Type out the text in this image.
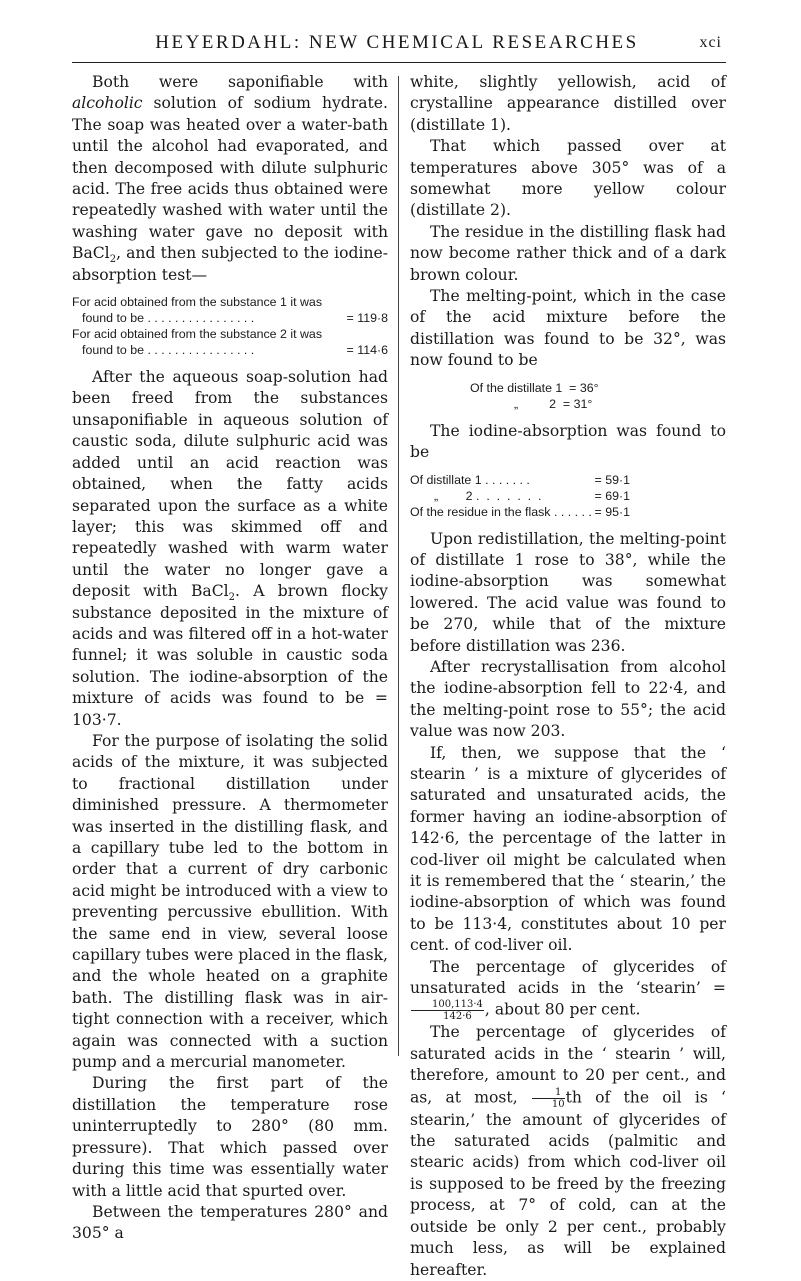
HEYERDAHL: NEW CHEMICAL RESEARCHES	xci

Both were saponifiable with alcoholic solution of sodium hydrate. The soap was heated over a water-bath until the alcohol had evaporated, and then decomposed with dilute sulphuric acid. The free acids thus obtained were repeatedly washed with water until the washing water gave no deposit with BaCl$_2$, and then subjected to the iodine-absorption test—

For acid obtained from the substance 1 it was
found to be . .	= 119·8
For acid obtained from the substance 2 it was
found to be . .	= 114·6

After the aqueous soap-solution had been freed from the substances unsaponifiable in aqueous solution of caustic soda, dilute sulphuric acid was added until an acid reaction was obtained, when the fatty acids separated upon the surface as a white layer; this was skimmed off and repeatedly washed with warm water until the water no longer gave a deposit with BaCl$_2$. A brown flocky substance deposited in the mixture of acids and was filtered off in a hot-water funnel; it was soluble in caustic soda solution. The iodine-absorption of the mixture of acids was found to be = 103·7.

For the purpose of isolating the solid acids of the mixture, it was subjected to fractional distillation under diminished pressure. A thermometer was inserted in the distilling flask, and a capillary tube led to the bottom in order that a current of dry carbonic acid might be introduced with a view to preventing percussive ebullition. With the same end in view, several loose capillary tubes were placed in the flask, and the whole heated on a graphite bath. The distilling flask was in air-tight connection with a receiver, which again was connected with a suction pump and a mercurial manometer.

During the first part of the distillation the temperature rose uninterruptedly to 280° (80 mm. pressure). That which passed over during this time was essentially water with a little acid that spurted over.

Between the temperatures 280° and 305° a

white, slightly yellowish, acid of crystalline appearance distilled over (distillate 1).

That which passed over at temperatures above 305° was of a somewhat more yellow colour (distillate 2).

The residue in the distilling flask had now become rather thick and of a dark brown colour.

The melting-point, which in the case of the acid mixture before the distillation was found to be 32°, was now found to be

Of the distillate 1  = 36°
„         2  = 31°

The iodine-absorption was found to be

Of distillate 1 . .	= 59·1
„        2 .  .	= 69·1
Of the residue in the flask . .	= 95·1

Upon redistillation, the melting-point of distillate 1 rose to 38°, while the iodine-absorption was somewhat lowered. The acid value was found to be 270, while that of the mixture before distillation was 236.

After recrystallisation from alcohol the iodine-absorption fell to 22·4, and the melting-point rose to 55°; the acid value was now 203.

If, then, we suppose that the ‘ stearin ’ is a mixture of glycerides of saturated and unsaturated acids, the former having an iodine-absorption of 142·6, the percentage of the latter in cod-liver oil might be calculated when it is remembered that the ‘ stearin,’ the iodine-absorption of which was found to be 113·4, constitutes about 10 per cent. of cod-liver oil.

The percentage of glycerides of unsaturated acids in the ‘stearin’ =
$\frac{100,113\cdot 4}{142\cdot 6}$ , about 80 per cent.

The percentage of glycerides of saturated acids in the ‘ stearin ’ will, therefore, amount to 20 per cent., and as, at most, $\frac{1}{10}$ th of the oil is ‘ stearin,’ the amount of glycerides of the saturated acids (palmitic and stearic acids) from which cod-liver oil is supposed to be freed by the freezing process, at 7° of cold, can at the outside be only 2 per cent., probably much less, as will be explained hereafter.
